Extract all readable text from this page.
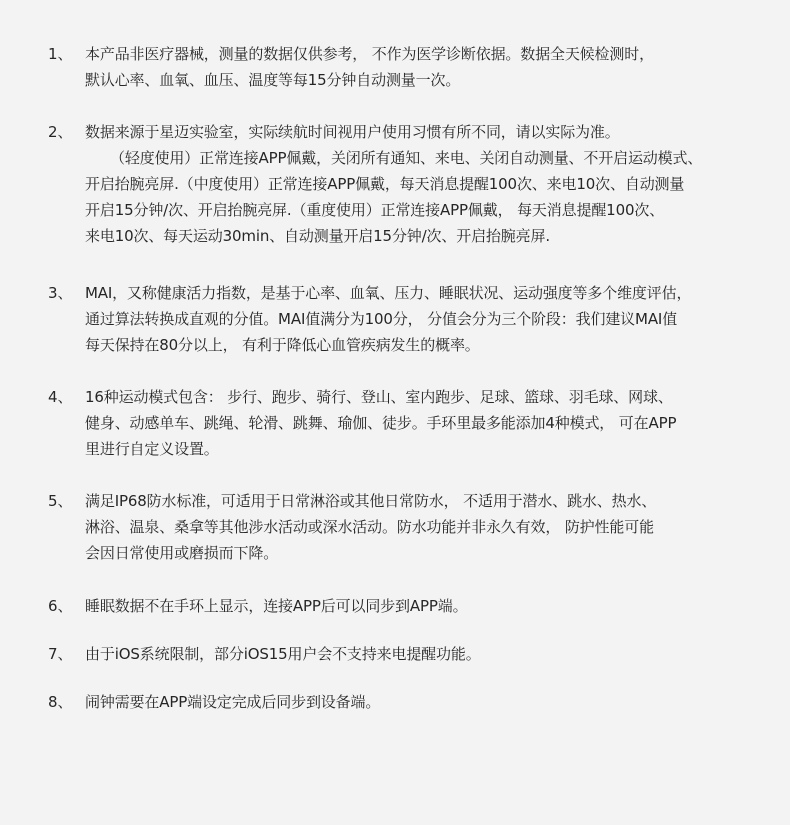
1、 本产品非医疗器械，测量的数据仅供参考， 不作为医学诊断依据。数据全天候检测时，
默认心率、血氧、血压、温度等每15分钟自动测量一次。
2、 数据来源于星迈实验室，实际续航时间视用户使用习惯有所不同，请以实际为准。
（轻度使用）正常连接APP佩戴，关闭所有通知、来电、关闭自动测量、不开启运动模式、
开启抬腕亮屏.（中度使用）正常连接APP佩戴，每天消息提醒100次、来电10次、自动测量
开启15分钟/次、开启抬腕亮屏.（重度使用）正常连接APP佩戴， 每天消息提醒100次、
来电10次、每天运动30min、自动测量开启15分钟/次、开启抬腕亮屏.
3、 MAI，又称健康活力指数，是基于心率、血氧、压力、睡眠状况、运动强度等多个维度评估，
通过算法转换成直观的分值。MAI值满分为100分， 分值会分为三个阶段：我们建议MAI值
每天保持在80分以上， 有利于降低心血管疾病发生的概率。
4、 16种运动模式包含： 步行、跑步、骑行、登山、室内跑步、足球、篮球、羽毛球、网球、
健身、动感单车、跳绳、轮滑、跳舞、瑜伽、徒步。手环里最多能添加4种模式， 可在APP
里进行自定义设置。
5、 满足IP68防水标准，可适用于日常淋浴或其他日常防水， 不适用于潜水、跳水、热水、
淋浴、温泉、桑拿等其他涉水活动或深水活动。防水功能并非永久有效， 防护性能可能
会因日常使用或磨损而下降。
6、 睡眠数据不在手环上显示，连接APP后可以同步到APP端。
7、 由于iOS系统限制，部分iOS15用户会不支持来电提醒功能。
8、 闹钟需要在APP端设定完成后同步到设备端。
